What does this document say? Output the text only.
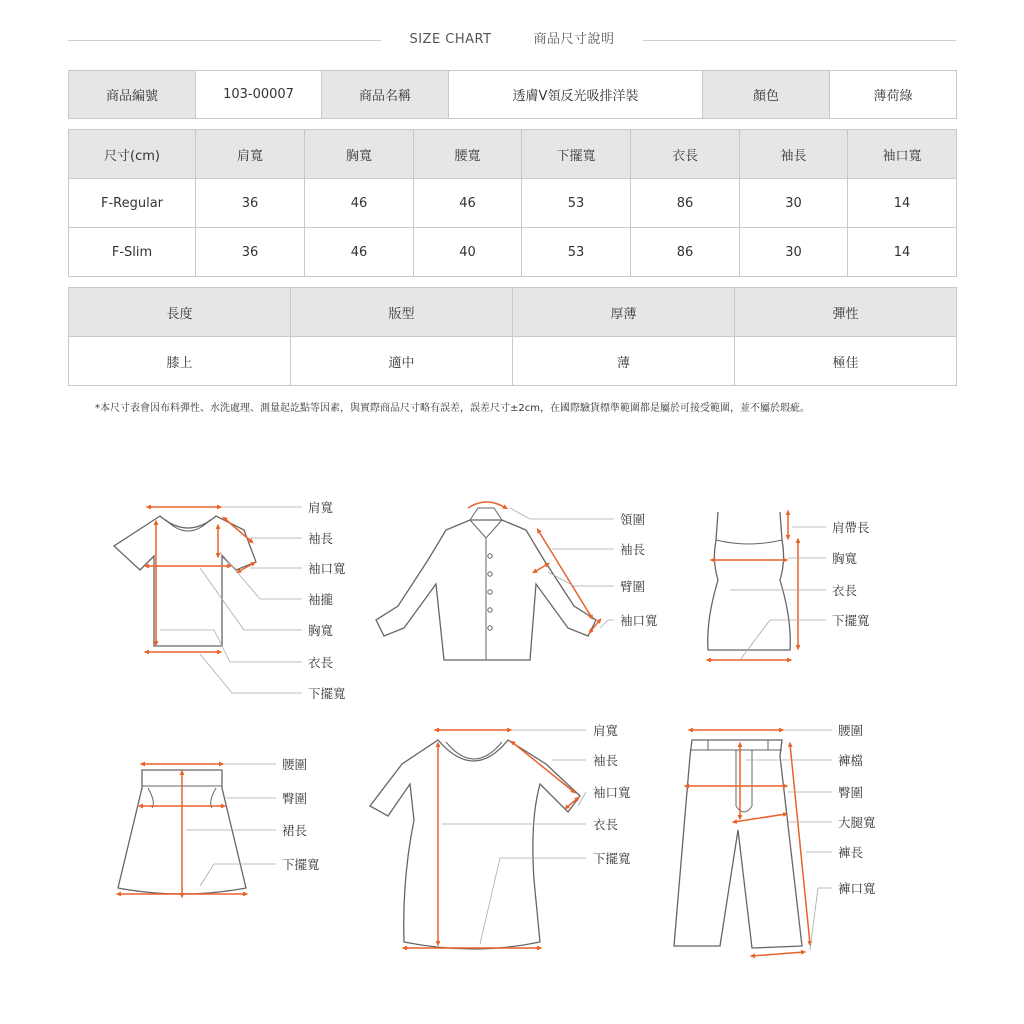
SIZE CHART	商品尺寸說明
商品編號	103-00007	商品名稱	透膚V領反光吸排洋裝	顏色	薄荷綠
尺寸(cm)	肩寬	胸寬	腰寬	下擺寬	衣長	袖長	袖口寬
F-Regular	36	46	46	53	86	30	14
F-Slim	36	46	40	53	86	30	14
長度	版型	厚薄	彈性
膝上	適中	薄	極佳
*本尺寸表會因布料彈性、水洗處理、測量起訖點等因素，與實際商品尺寸略有誤差，誤差尺寸±2cm，在國際驗貨標準範圍都是屬於可接受範圍，並不屬於瑕疵。
肩寬
袖長
袖口寬
袖攏
胸寬
衣長
下擺寬
領圍
袖長
臂圍
袖口寬
肩帶長
胸寬
衣長
下擺寬
腰圍
臀圍
裙長
下擺寬
肩寬
袖長
袖口寬
衣長
下擺寬
腰圍
褲檔
臀圍
大腿寬
褲長
褲口寬
